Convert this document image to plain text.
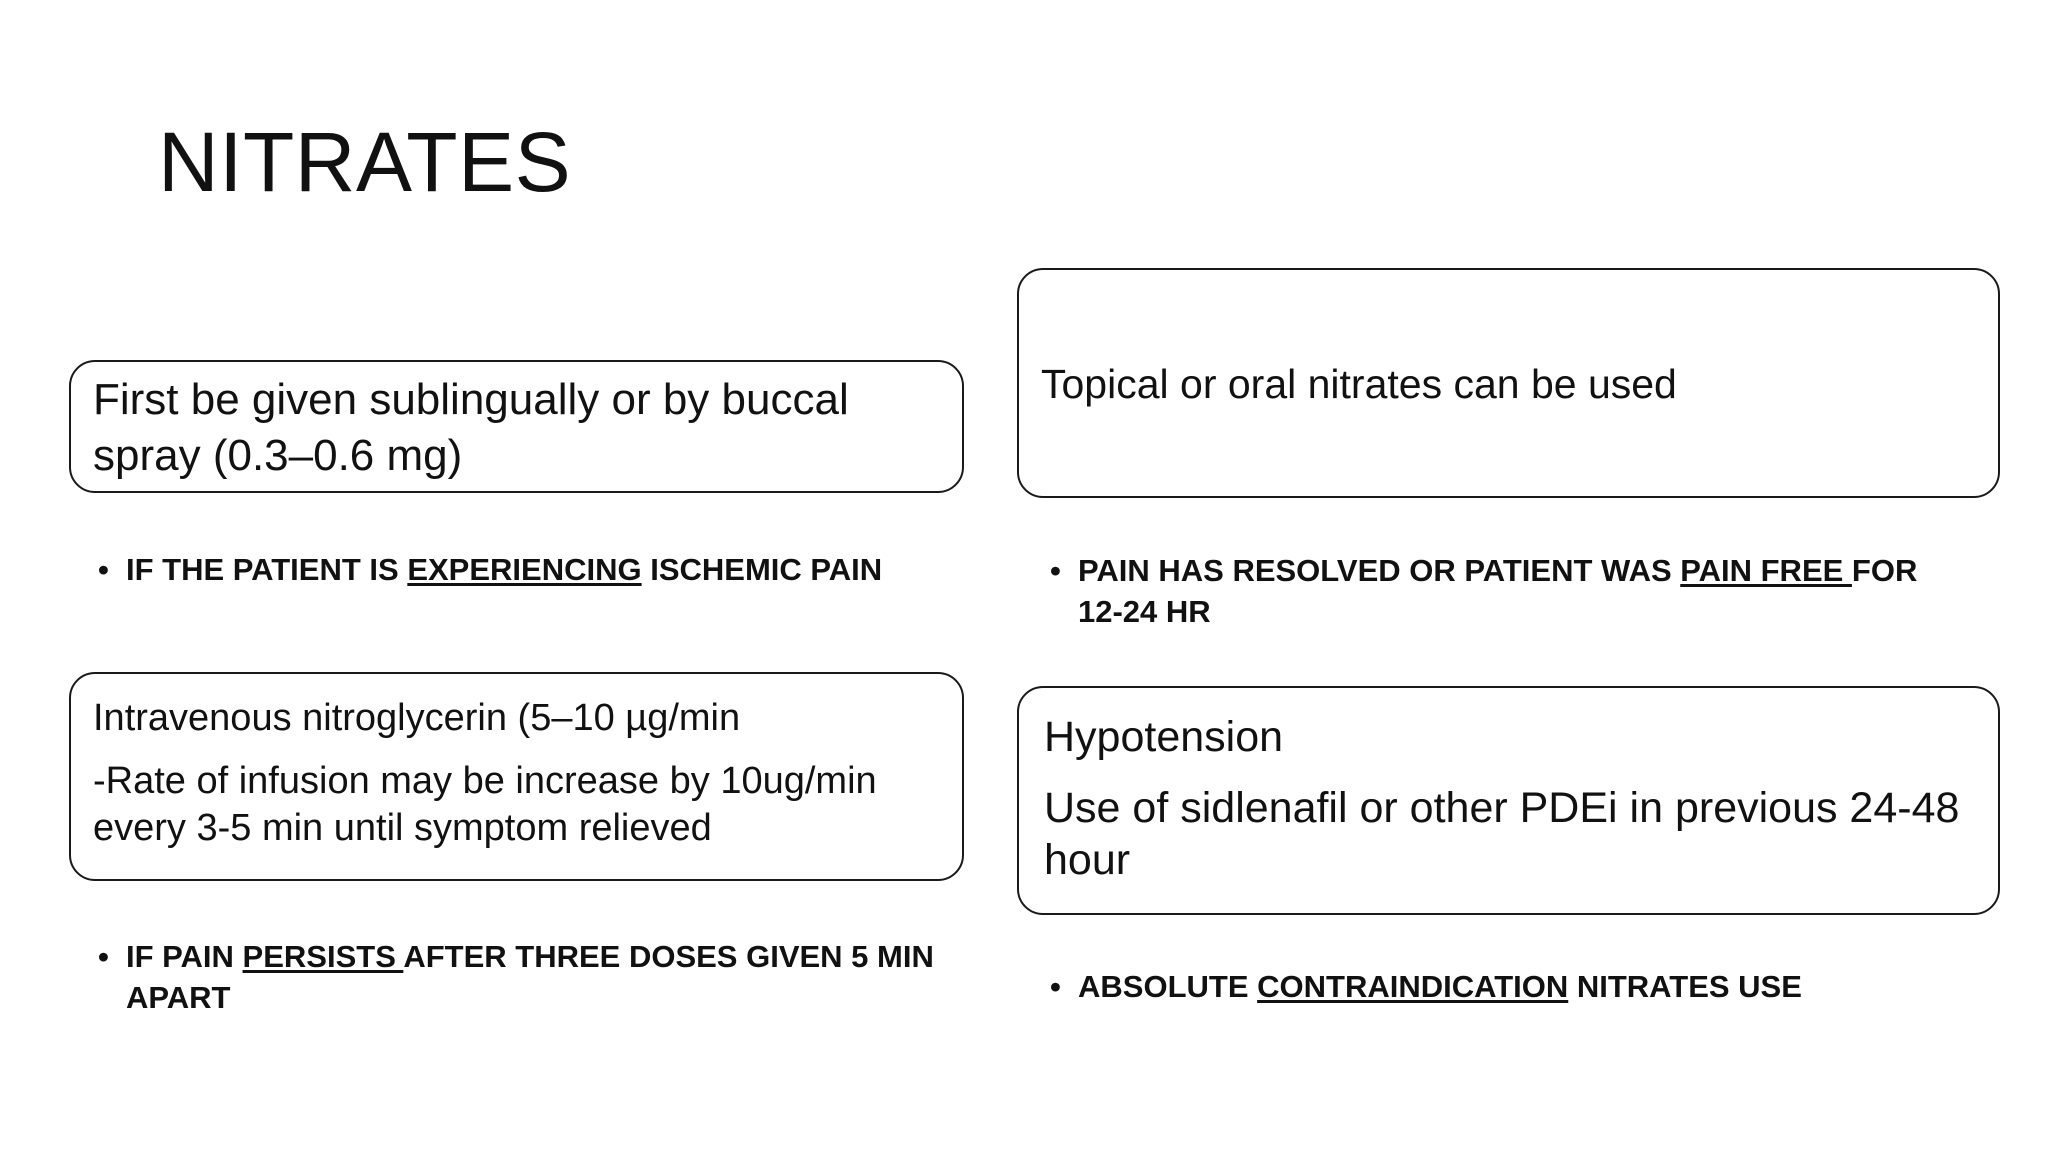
NITRATES
First be given sublingually or by buccal spray (0.3–0.6 mg)
Topical or oral nitrates can be used
Intravenous nitroglycerin (5–10 µg/min
-Rate of infusion may be increase by 10ug/min every 3-5 min until symptom relieved
Hypotension
Use of sidlenafil or other PDEi in previous 24-48 hour
• IF THE PATIENT IS EXPERIENCING ISCHEMIC PAIN	• PAIN HAS RESOLVED OR PATIENT WAS PAIN FREE FOR 12-24 HR
• IF PAIN PERSISTS AFTER THREE DOSES GIVEN 5 MIN APART	• ABSOLUTE CONTRAINDICATION NITRATES USE
